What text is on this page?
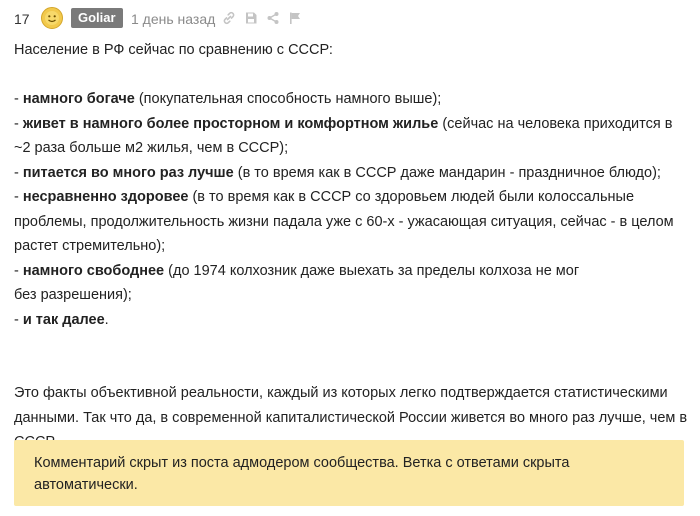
17	Goliar	1 день назад

Население в РФ сейчас по сравнению с СССР:

- намного богаче (покупательная способность намного выше);

- живет в намного более просторном и комфортном жилье (сейчас на человека приходится в ~2 раза больше м2 жилья, чем в СССР);

- питается во много раз лучше (в то время как в СССР даже мандарин - праздничное блюдо);

- несравненно здоровее (в то время как в СССР со здоровьем людей были колоссальные проблемы, продолжительность жизни падала уже с 60-х - ужасающая ситуация, сейчас - в целом растет стремительно);

- намного свободнее (до 1974 колхозник даже выехать за пределы колхоза не мог

без разрешения);

- и так далее.

Это факты объективной реальности, каждый из которых легко подтверждается статистическими данными. Так что да, в современной капиталистической России живется во много раз лучше, чем в

Комментарий скрыт из поста адмодером сообщества. Ветка с ответами скрыта автоматически.
